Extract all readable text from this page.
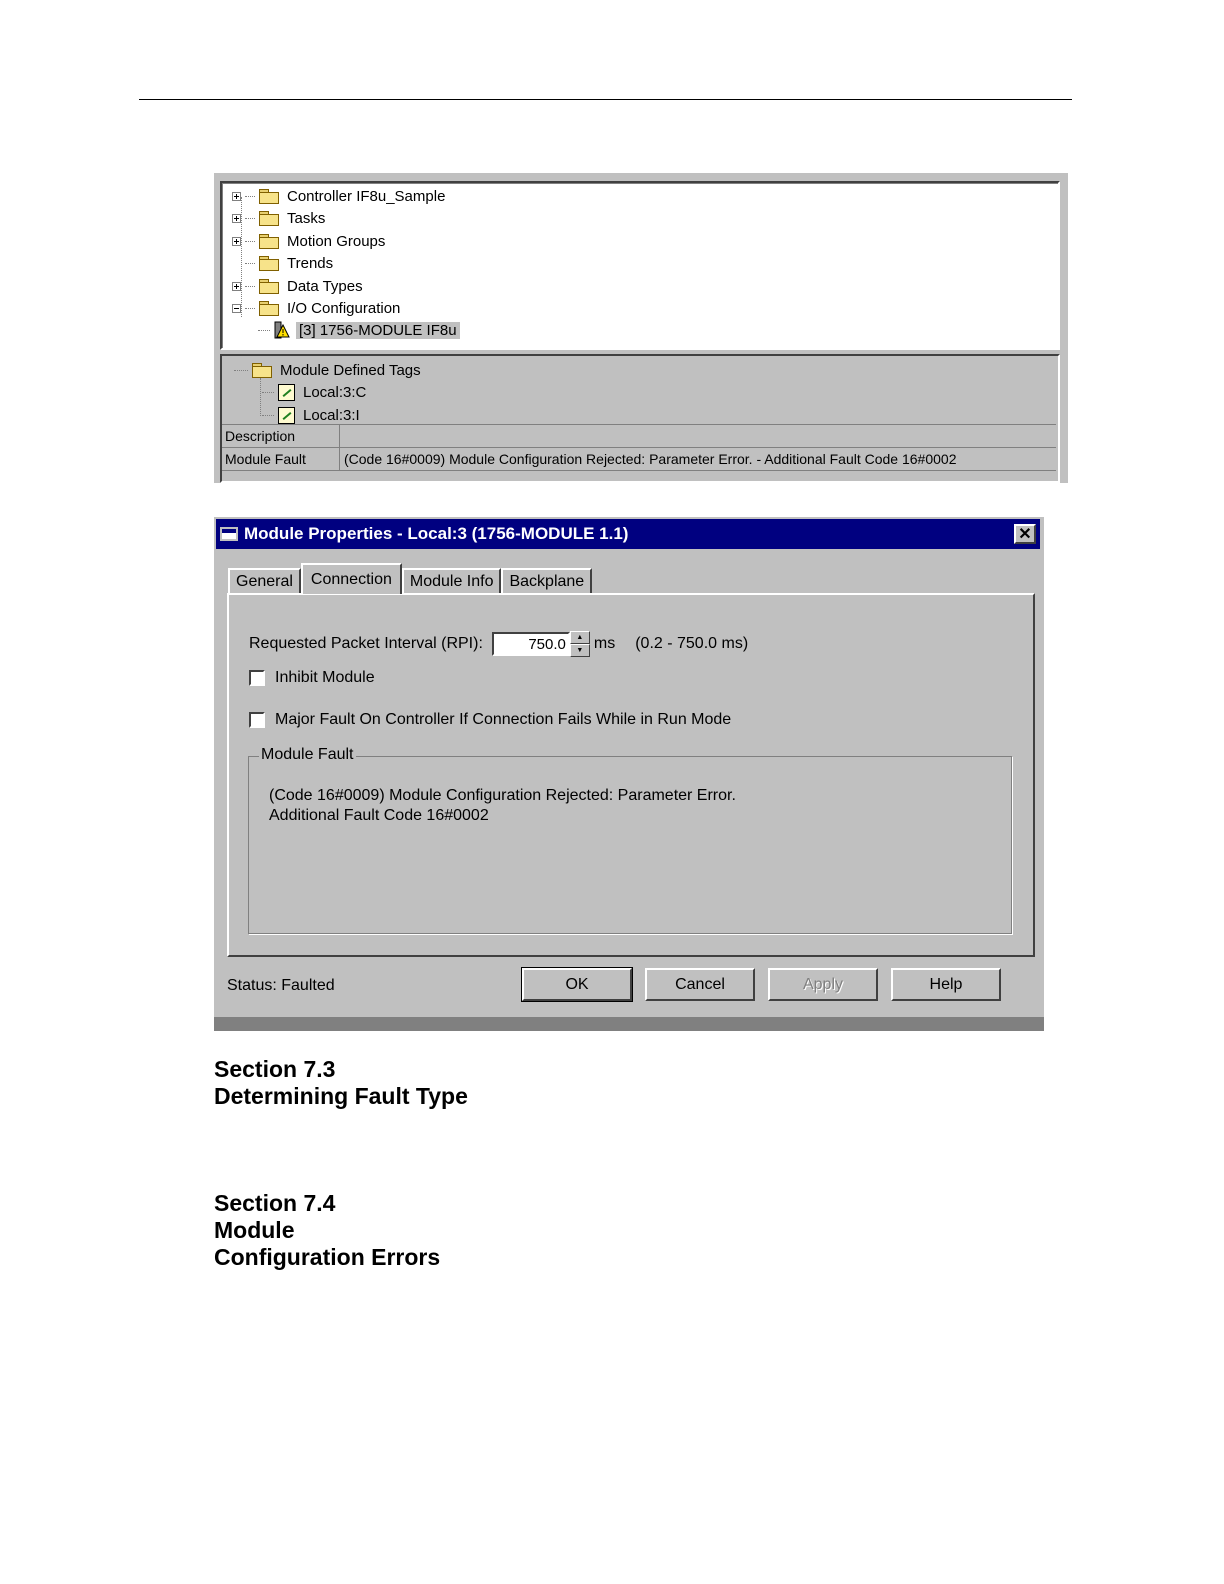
Controller IF8u_Sample
Tasks
Motion Groups
Trends
Data Types
I/O Configuration
[3] 1756-MODULE IF8u
Module Defined Tags
Local:3:C
Local:3:I
Description
Module Fault	(Code 16#0009) Module Configuration Rejected: Parameter Error. - Additional Fault Code 16#0002
Module Properties - Local:3 (1756-MODULE 1.1)	✕
General	Connection	Module Info	Backplane
Requested Packet Interval (RPI):
750.0	▲
▼ ms (0.2 - 750.0 ms)
Inhibit Module
Major Fault On Controller If Connection Fails While in Run Mode
Module Fault
(Code 16#0009) Module Configuration Rejected: Parameter Error.
Additional Fault Code 16#0002
Status: Faulted	OK	Cancel	Apply	Help
Section 7.3
Determining Fault Type
Section 7.4
Module
Configuration Errors
